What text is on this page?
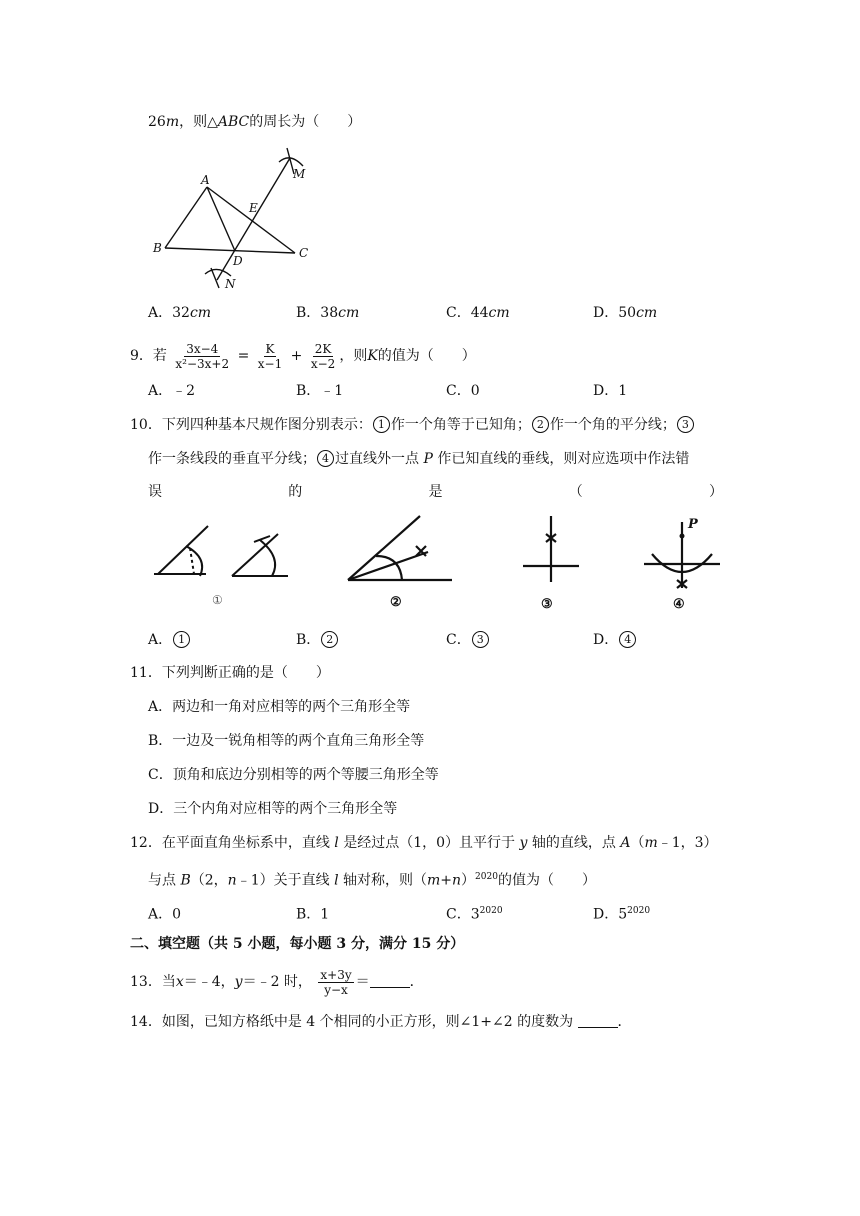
26m，则△ABC的周长为（　　）
A
B	C
D
E
M
N
A．32cm	B．38cm	C．44cm	D．50cm
9．若 $\frac{3x-4}{\text{x²−3x+2}} = \frac{K}{x-1} + \frac{2K}{x-2}$ ，则K的值为（　　）
A．﹣2	B．﹣1	C．0	D．1
10．下列四种基本尺规作图分别表示： 1 作一个角等于已知角； 2 作一个角的平分线； 3
作一条线段的垂直平分线； 4 过直线外一点 P 作已知直线的垂线，则对应选项中作法错
误	的	是	（	）
①	②	③
P
④
A． 1	B． 2	C． 3	D． 4
11．下列判断正确的是（　　）
A．两边和一角对应相等的两个三角形全等
B．一边及一锐角相等的两个直角三角形全等
C．顶角和底边分别相等的两个等腰三角形全等
D．三个内角对应相等的两个三角形全等
12．在平面直角坐标系中，直线 l 是经过点（1，0）且平行于 y 轴的直线，点 A（m﹣1，3）
与点 B（2，n﹣1）关于直线 l 轴对称，则$(m+n)^{2020}$的值为（　　）
A．0	B．1	C．$3^{2020}$	D．$5^{2020}$
二、填空题（共 5 小题，每小题 3 分，满分 15 分）
13．当x＝﹣4，y＝﹣2 时， $\frac{x+3y}{y-x}$ ＝	．
14．如图，已知方格纸中是 4 个相同的小正方形，则∠1+∠2 的度数为	．
